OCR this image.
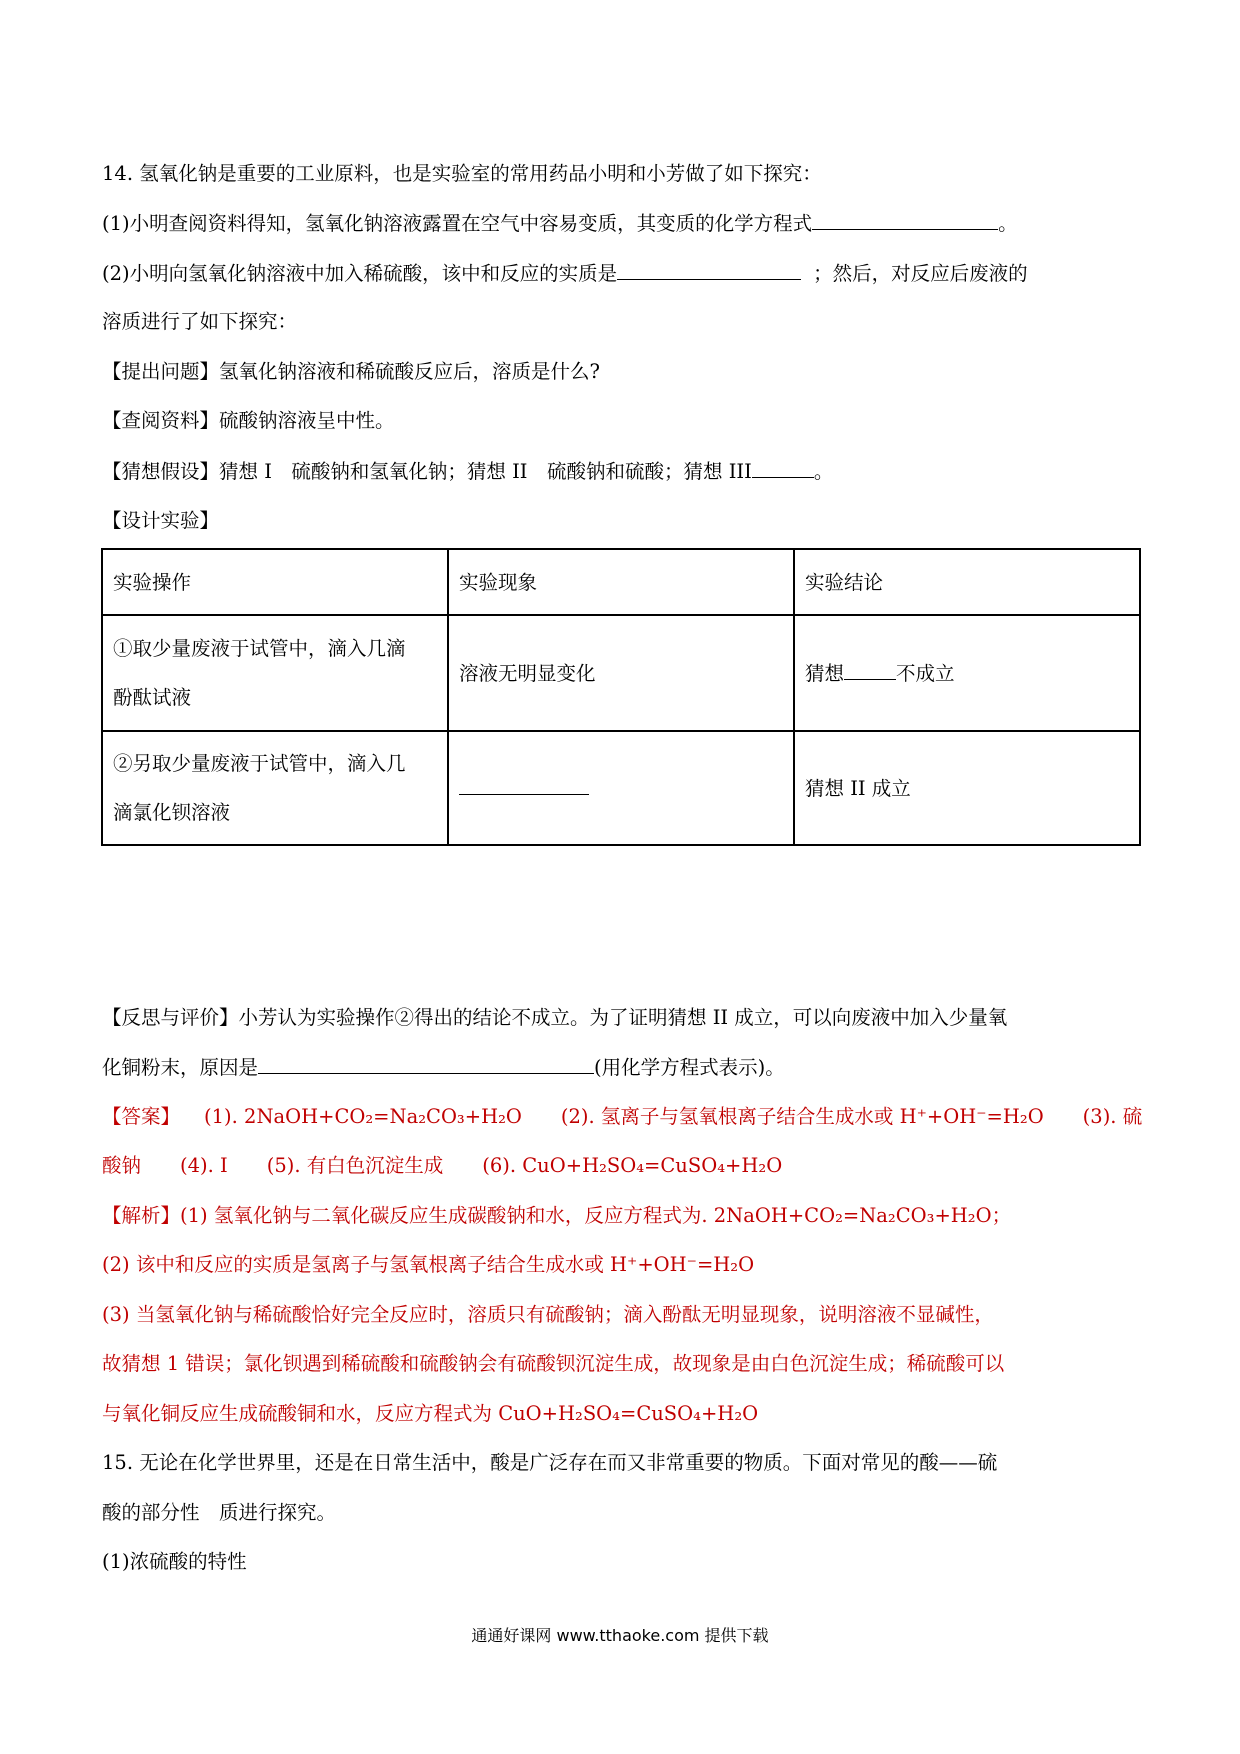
14. 氢氧化钠是重要的工业原料，也是实验室的常用药品小明和小芳做了如下探究：
(1)小明查阅资料得知，氢氧化钠溶液露置在空气中容易变质，其变质的化学方程式	。
(2)小明向氢氧化钠溶液中加入稀硫酸，该中和反应的实质是	；然后，对反应后废液的
溶质进行了如下探究：
【提出问题】氢氧化钠溶液和稀硫酸反应后，溶质是什么?
【查阅资料】硫酸钠溶液呈中性。
【猜想假设】猜想 I　硫酸钠和氢氧化钠；猜想 II　硫酸钠和硫酸；猜想 III	。
【设计实验】
实验操作	实验现象	实验结论

①取少量废液于试管中，滴入几滴
酚酞试液	溶液无明显变化	猜想 不成立

②另取少量废液于试管中，滴入几
滴氯化钡溶液		猜想 II 成立
【反思与评价】小芳认为实验操作②得出的结论不成立。为了证明猜想 II 成立，可以向废液中加入少量氧
化铜粉末，原因是	(用化学方程式表示)。
【答案】 (1). 2NaOH+CO₂=Na₂CO₃+H₂O　　(2). 氢离子与氢氧根离子结合生成水或 H⁺+OH⁻=H₂O　　(3). 硫
酸钠　　(4). I　　(5). 有白色沉淀生成　　(6). CuO+H₂SO₄=CuSO₄+H₂O
【解析】(1) 氢氧化钠与二氧化碳反应生成碳酸钠和水，反应方程式为. 2NaOH+CO₂=Na₂CO₃+H₂O；
(2) 该中和反应的实质是氢离子与氢氧根离子结合生成水或 H⁺+OH⁻=H₂O
(3) 当氢氧化钠与稀硫酸恰好完全反应时，溶质只有硫酸钠；滴入酚酞无明显现象，说明溶液不显碱性，
故猜想 1 错误；氯化钡遇到稀硫酸和硫酸钠会有硫酸钡沉淀生成，故现象是由白色沉淀生成；稀硫酸可以
与氧化铜反应生成硫酸铜和水，反应方程式为 CuO+H₂SO₄=CuSO₄+H₂O
15. 无论在化学世界里，还是在日常生活中，酸是广泛存在而又非常重要的物质。下面对常见的酸——硫
酸的部分性　质进行探究。
(1)浓硫酸的特性
通通好课网 www.tthaoke.com 提供下载
